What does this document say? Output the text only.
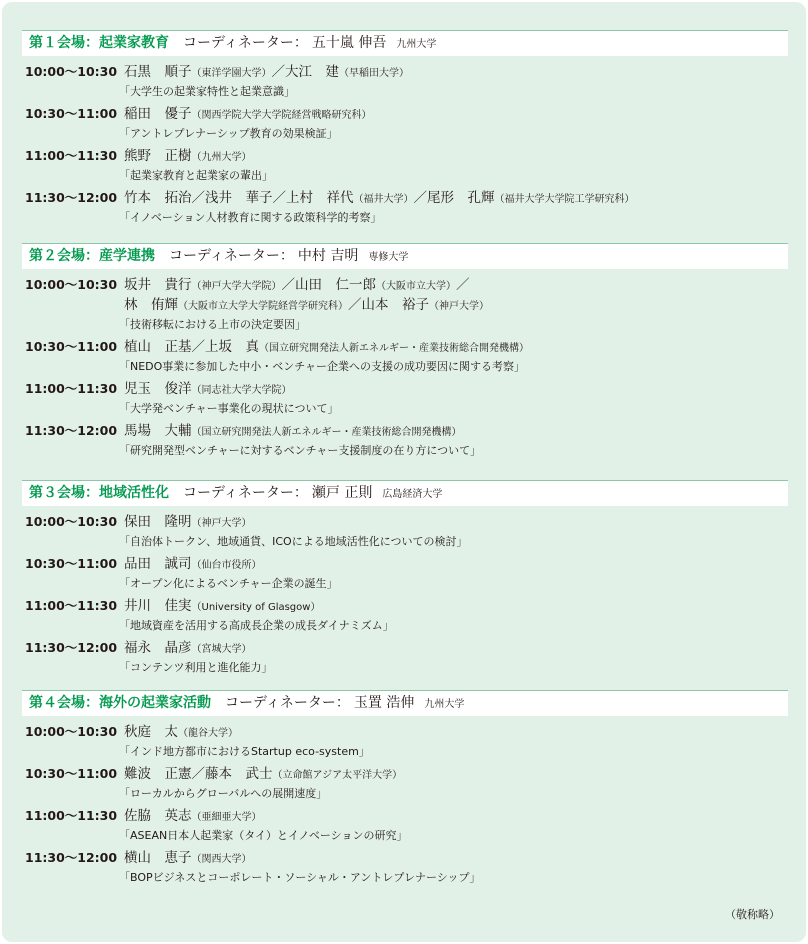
第１会場：起業家教育 コーディネーター： 五十嵐 伸吾 九州大学
10:00～10:30 石黒　順子（東洋学園大学）／大江　建（早稲田大学）
「大学生の起業家特性と起業意識」
10:30～11:00 稲田　優子（関西学院大学大学院経営戦略研究科）
「アントレプレナーシップ教育の効果検証」
11:00～11:30 熊野　正樹（九州大学）
「起業家教育と起業家の輩出」
11:30～12:00 竹本　拓治／浅井　華子／上村　祥代（福井大学）／尾形　孔輝（福井大学大学院工学研究科）
「イノベーション人材教育に関する政策科学的考察」
第２会場：産学連携 コーディネーター： 中村 吉明 専修大学
10:00～10:30 坂井　貴行（神戸大学大学院）／山田　仁一郎（大阪市立大学）／
林　侑輝（大阪市立大学大学院経営学研究科）／山本　裕子（神戸大学）
「技術移転における上市の決定要因」
10:30～11:00 植山　正基／上坂　真（国立研究開発法人新エネルギー・産業技術総合開発機構）
「NEDO事業に参加した中小・ベンチャー企業への支援の成功要因に関する考察」
11:00～11:30 児玉　俊洋（同志社大学大学院）
「大学発ベンチャー事業化の現状について」
11:30～12:00 馬場　大輔（国立研究開発法人新エネルギー・産業技術総合開発機構）
「研究開発型ベンチャーに対するベンチャー支援制度の在り方について」
第３会場：地域活性化 コーディネーター： 瀬戸 正則 広島経済大学
10:00～10:30 保田　隆明（神戸大学）
「自治体トークン、地域通貨、ICOによる地域活性化についての検討」
10:30～11:00 品田　誠司（仙台市役所）
「オープン化によるベンチャー企業の誕生」
11:00～11:30 井川　佳実（University of Glasgow）
「地域資産を活用する高成長企業の成長ダイナミズム」
11:30～12:00 福永　晶彦（宮城大学）
「コンテンツ利用と進化能力」
第４会場：海外の起業家活動 コーディネーター： 玉置 浩伸 九州大学
10:00～10:30 秋庭　太（龍谷大学）
「インド地方都市におけるStartup eco-system」
10:30～11:00 難波　正憲／藤本　武士（立命館アジア太平洋大学）
「ローカルからグローバルへの展開速度」
11:00～11:30 佐脇　英志（亜細亜大学）
「ASEAN日本人起業家（タイ）とイノベーションの研究」
11:30～12:00 横山　恵子（関西大学）
「BOPビジネスとコーポレート・ソーシャル・アントレプレナーシップ」
（敬称略）
